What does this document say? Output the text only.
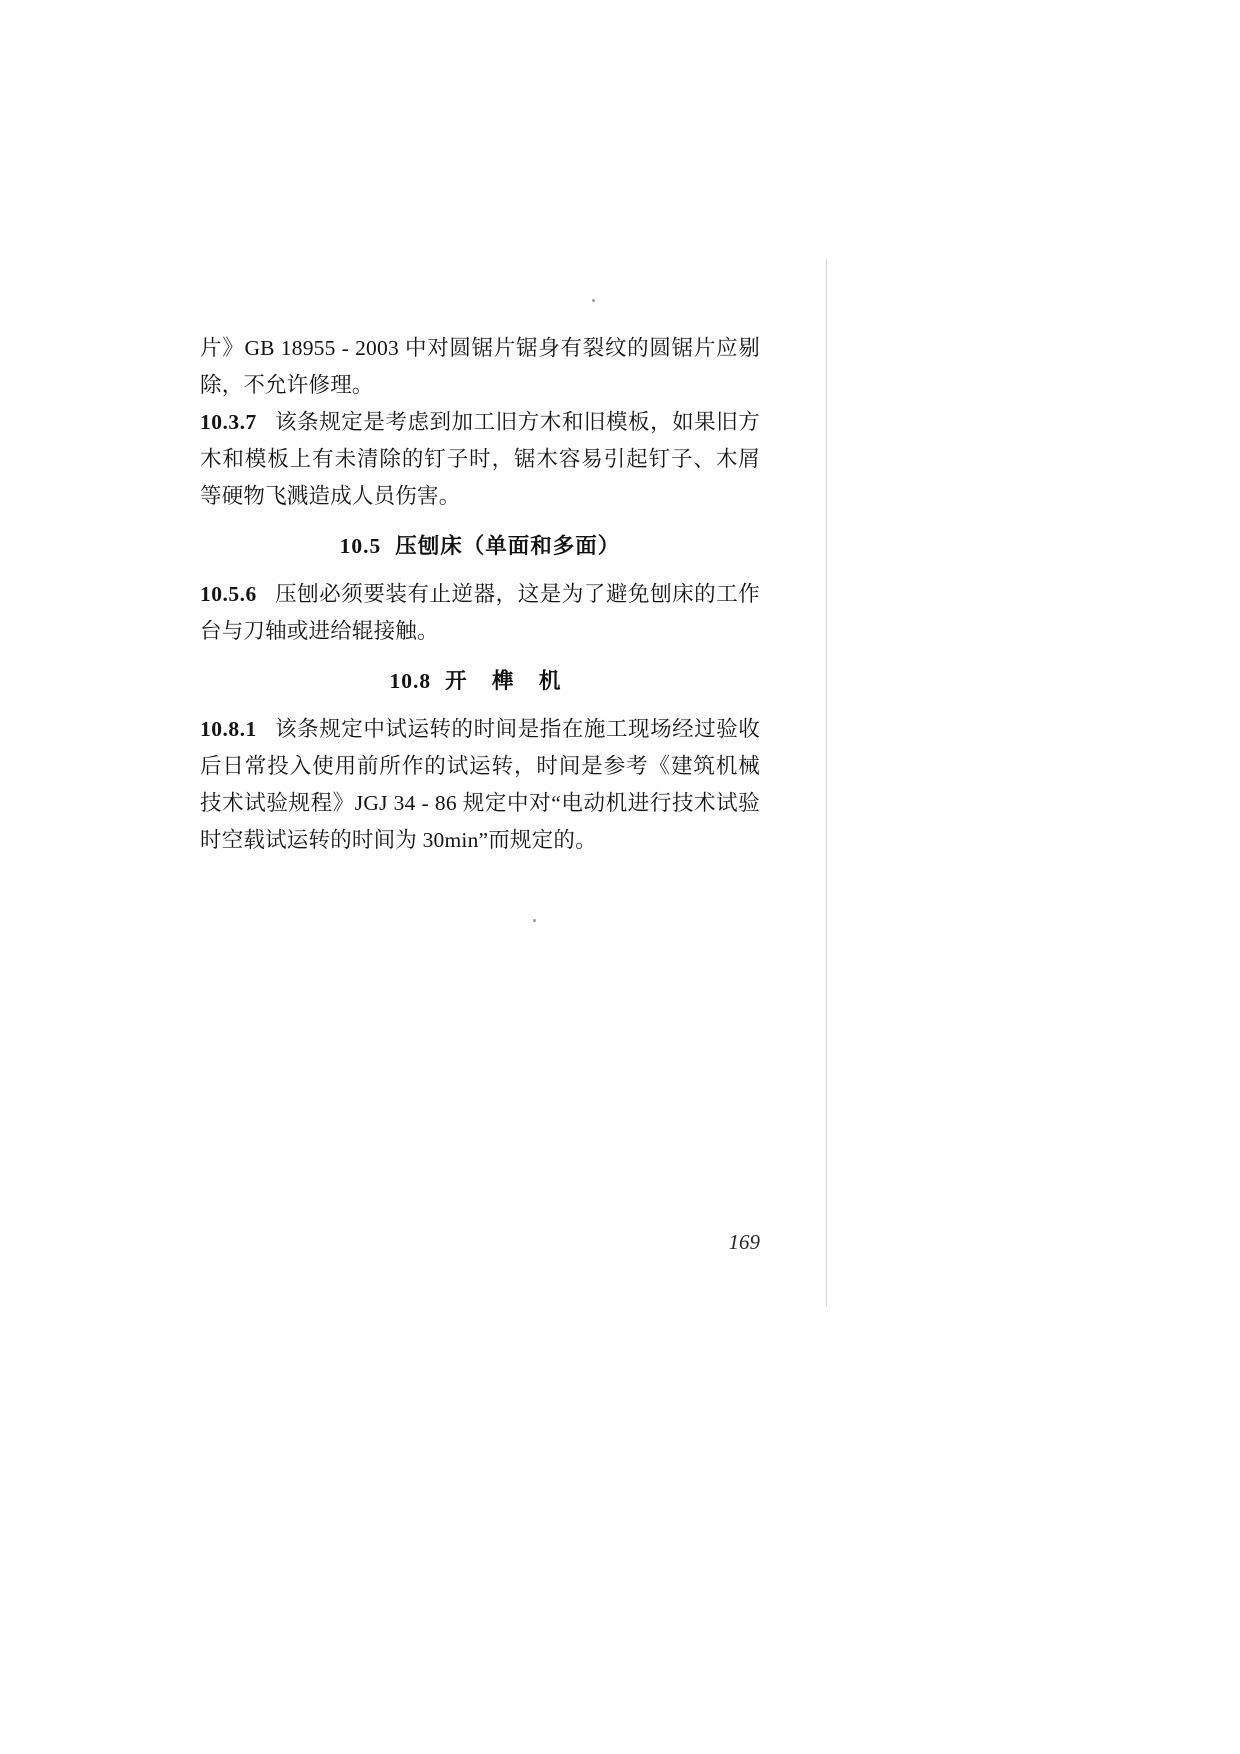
片》GB 18955 - 2003 中对圆锯片锯身有裂纹的圆锯片应剔除，不允许修理。

10.3.7 该条规定是考虑到加工旧方木和旧模板，如果旧方木和模板上有未清除的钉子时，锯木容易引起钉子、木屑等硬物飞溅造成人员伤害。

10.5 压刨床（单面和多面）

10.5.6 压刨必须要装有止逆器，这是为了避免刨床的工作台与刀轴或进给辊接触。

10.8 开 榫 机

10.8.1 该条规定中试运转的时间是指在施工现场经过验收后日常投入使用前所作的试运转，时间是参考《建筑机械技术试验规程》JGJ 34 - 86 规定中对“电动机进行技术试验时空载试运转的时间为 30min”而规定的。

169
